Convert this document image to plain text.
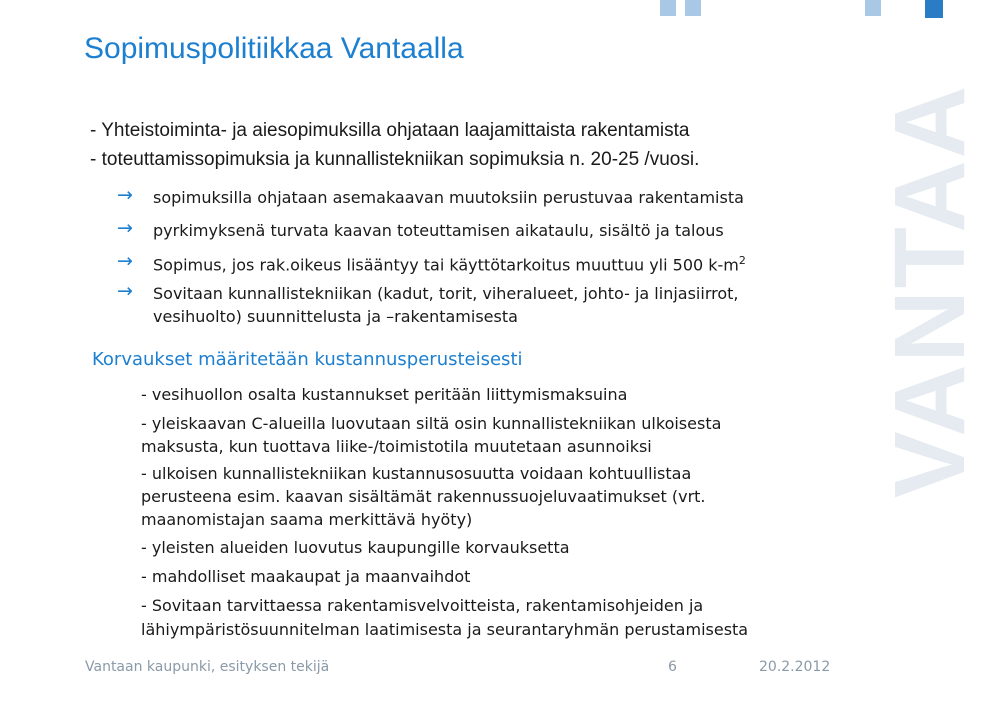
VANTAA
Sopimuspolitiikkaa Vantaalla
- Yhteistoiminta- ja aiesopimuksilla ohjataan laajamittaista rakentamista
- toteuttamissopimuksia ja kunnallistekniikan sopimuksia n. 20-25 /vuosi.
→ sopimuksilla ohjataan asemakaavan muutoksiin perustuvaa rakentamista
→ pyrkimyksenä turvata kaavan toteuttamisen aikataulu, sisältö ja talous
→ Sopimus, jos rak.oikeus lisääntyy tai käyttötarkoitus muuttuu yli 500 $k-m^2$
→ Sovitaan kunnallistekniikan (kadut, torit, viheralueet, johto- ja linjasiirrot,
vesihuolto) suunnittelusta ja –rakentamisesta
Korvaukset määritetään kustannusperusteisesti
- vesihuollon osalta kustannukset peritään liittymismaksuina
- yleiskaavan C-alueilla luovutaan siltä osin kunnallistekniikan ulkoisesta
maksusta, kun tuottava liike-/toimistotila muutetaan asunnoiksi
- ulkoisen kunnallistekniikan kustannusosuutta voidaan kohtuullistaa
perusteena esim. kaavan sisältämät rakennussuojeluvaatimukset (vrt.
maanomistajan saama merkittävä hyöty)
- yleisten alueiden luovutus kaupungille korvauksetta
- mahdolliset maakaupat ja maanvaihdot
- Sovitaan tarvittaessa rakentamisvelvoitteista, rakentamisohjeiden ja
lähiympäristösuunnitelman laatimisesta ja seurantaryhmän perustamisesta
Vantaan kaupunki, esityksen tekijä	6	20.2.2012
